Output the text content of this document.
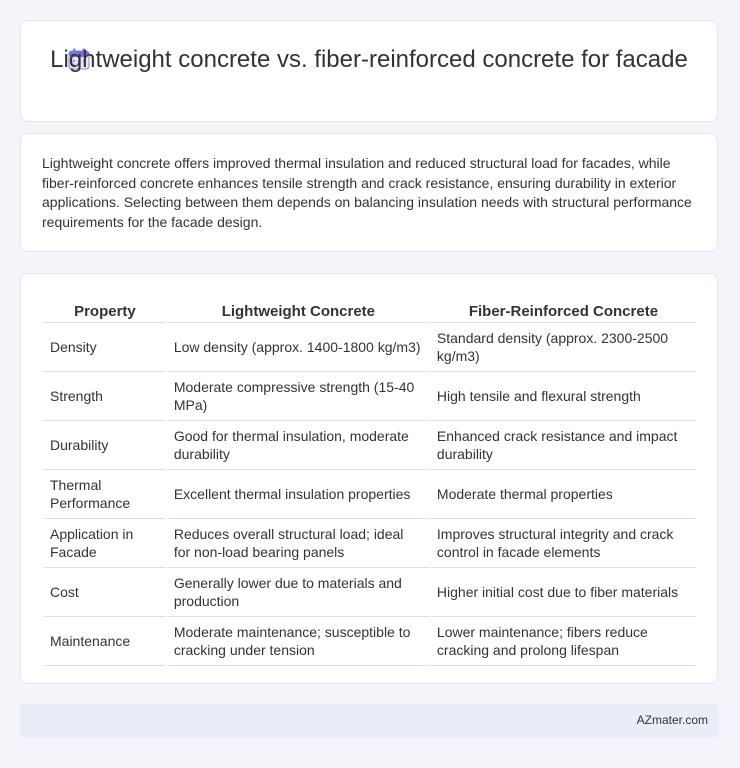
Lightweight concrete vs. fiber-reinforced concrete for facade

Lightweight concrete offers improved thermal insulation and reduced structural load for facades, while fiber-reinforced concrete enhances tensile strength and crack resistance, ensuring durability in exterior applications. Selecting between them depends on balancing insulation needs with structural performance requirements for the facade design.

Property	Lightweight Concrete	Fiber-Reinforced Concrete
Density	Low density (approx. 1400-1800 kg/m3)	Standard density (approx. 2300-2500 kg/m3)
Strength	Moderate compressive strength (15-40 MPa)	High tensile and flexural strength
Durability	Good for thermal insulation, moderate durability	Enhanced crack resistance and impact durability
Thermal Performance	Excellent thermal insulation properties	Moderate thermal properties
Application in Facade	Reduces overall structural load; ideal for non-load bearing panels	Improves structural integrity and crack control in facade elements
Cost	Generally lower due to materials and production	Higher initial cost due to fiber materials
Maintenance	Moderate maintenance; susceptible to cracking under tension	Lower maintenance; fibers reduce cracking and prolong lifespan
AZmater.com
